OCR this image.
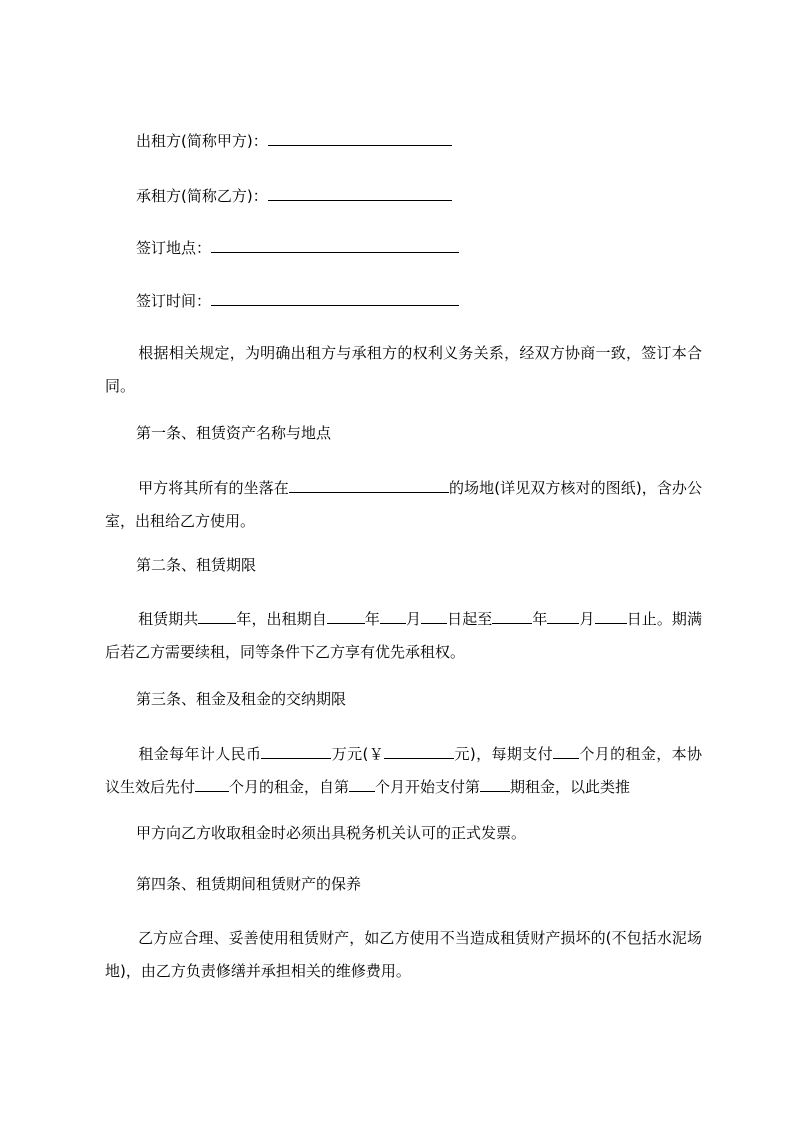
出租方(简称甲方)：
承租方(简称乙方)：
签订地点：
签订时间：
根据相关规定，为明确出租方与承租方的权利义务关系，经双方协商一致，签订本合同。
第一条、租赁资产名称与地点
甲方将其所有的坐落在	的场地(详见双方核对的图纸)，含办公室，出租给乙方使用。
第二条、租赁期限
租赁期共	年，出租期自	年 月 日起至	年 月 日止。期满后若乙方需要续租，同等条件下乙方享有优先承租权。
第三条、租金及租金的交纳期限
租金每年计人民币	万元(￥	元)，每期支付 个月的租金，本协议生效后先付 个月的租金，自第 个月开始支付第 期租金，以此类推
甲方向乙方收取租金时必须出具税务机关认可的正式发票。
第四条、租赁期间租赁财产的保养
乙方应合理、妥善使用租赁财产，如乙方使用不当造成租赁财产损坏的(不包括水泥场地)，由乙方负责修缮并承担相关的维修费用。
